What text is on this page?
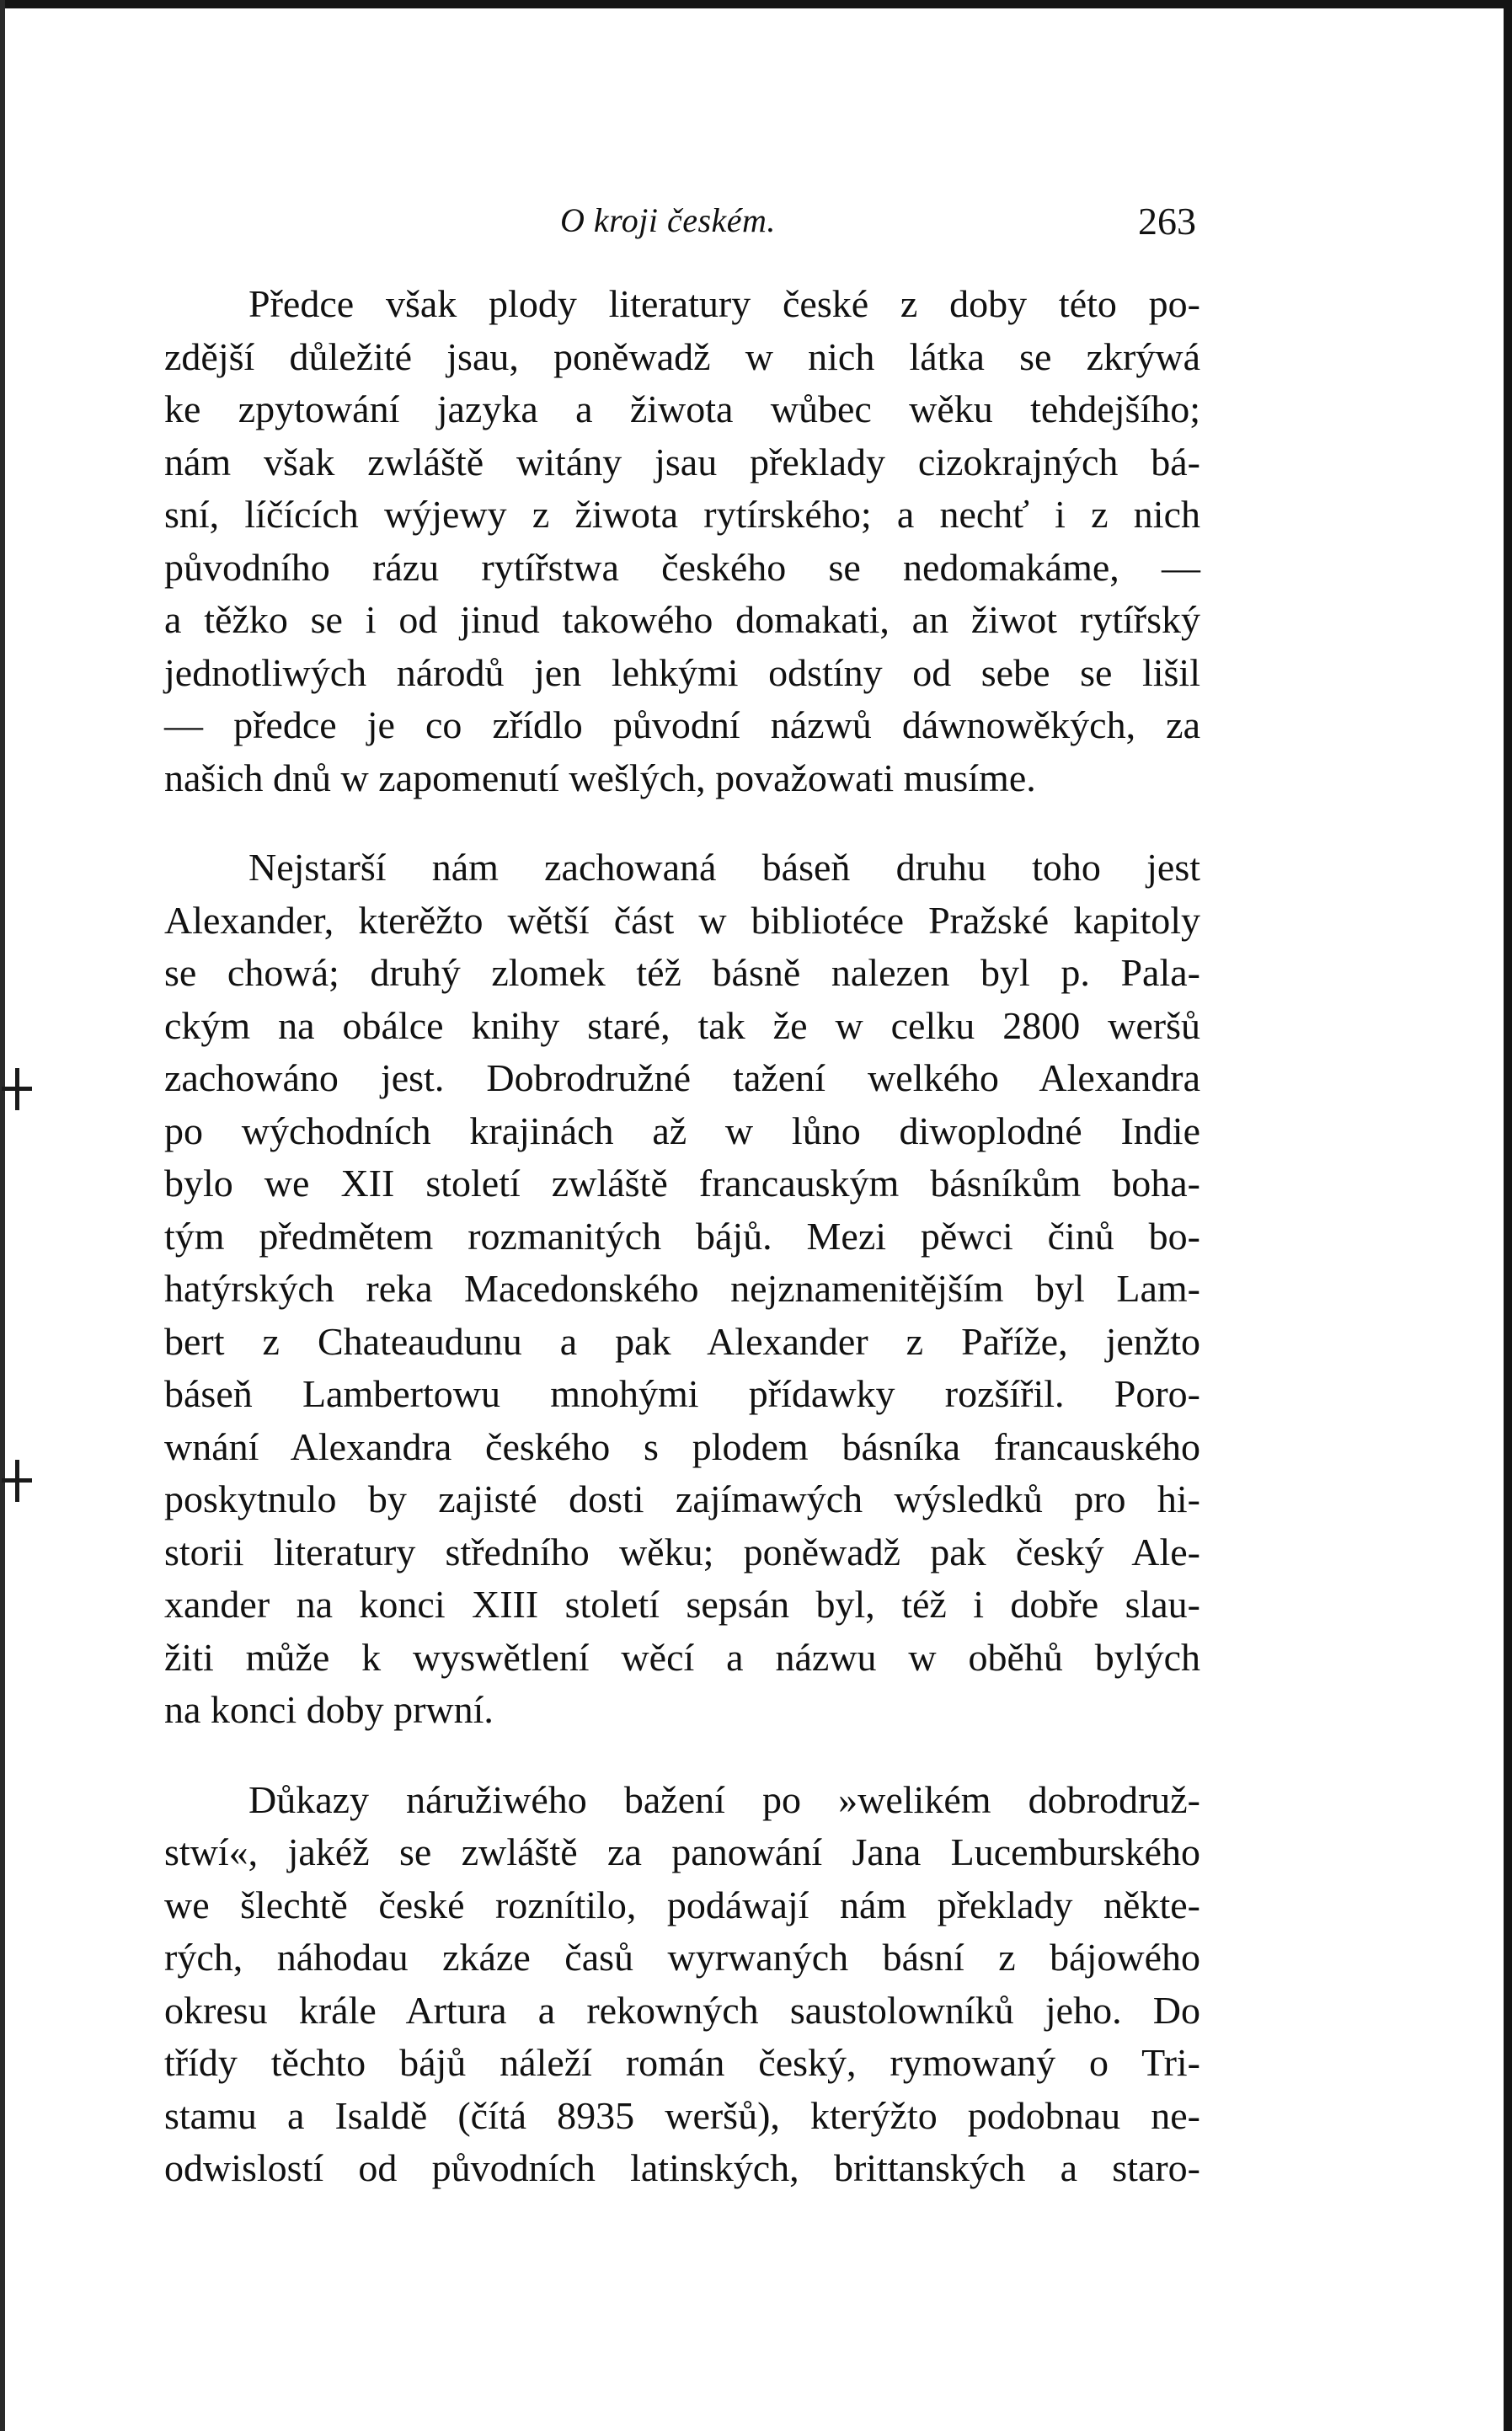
O kroji českém.	263
Předce však plody literatury české z doby této po-
zdější důležité jsau, poněwadž w nich látka se zkrýwá
ke zpytowání jazyka a žiwota wůbec wěku tehdejšího;
nám však zwláště witány jsau překlady cizokrajných bá-
sní, líčících wýjewy z žiwota rytírského; a nechť i z nich
původního rázu rytířstwa českého se nedomakáme, —
a těžko se i od jinud takowého domakati, an žiwot rytířský
jednotliwých národů jen lehkými odstíny od sebe se lišil
— předce je co zřídlo původní názwů dáwnowěkých, za
našich dnů w zapomenutí wešlých, považowati musíme.
Nejstarší nám zachowaná báseň druhu toho jest
Alexander, kterěžto wětší část w bibliotéce Pražské kapitoly
se chowá; druhý zlomek též básně nalezen byl p. Pala-
ckým na obálce knihy staré, tak že w celku 2800 weršů
zachowáno jest. Dobrodružné tažení welkého Alexandra
po wýchodních krajinách až w lůno diwoplodné Indie
bylo we XII století zwláště francauským básníkům boha-
tým předmětem rozmanitých bájů. Mezi pěwci činů bo-
hatýrských reka Macedonského nejznamenitějším byl Lam-
bert z Chateaudunu a pak Alexander z Paříže, jenžto
báseň Lambertowu mnohými přídawky rozšířil. Poro-
wnání Alexandra českého s plodem básníka francauského
poskytnulo by zajisté dosti zajímawých wýsledků pro hi-
storii literatury středního wěku; poněwadž pak český Ale-
xander na konci XIII století sepsán byl, též i dobře slau-
žiti může k wyswětlení wěcí a názwu w oběhů bylých
na konci doby prwní.
Důkazy náružiwého bažení po »welikém dobrodruž-
stwí«, jakéž se zwláště za panowání Jana Lucemburského
we šlechtě české roznítilo, podáwají nám překlady někte-
rých, náhodau zkáze časů wyrwaných básní z bájowého
okresu krále Artura a rekowných saustolowníků jeho. Do
třídy těchto bájů náleží román český, rymowaný o Tri-
stamu a Isaldě (čítá 8935 weršů), kterýžto podobnau ne-
odwislostí od původních latinských, brittanských a staro-
